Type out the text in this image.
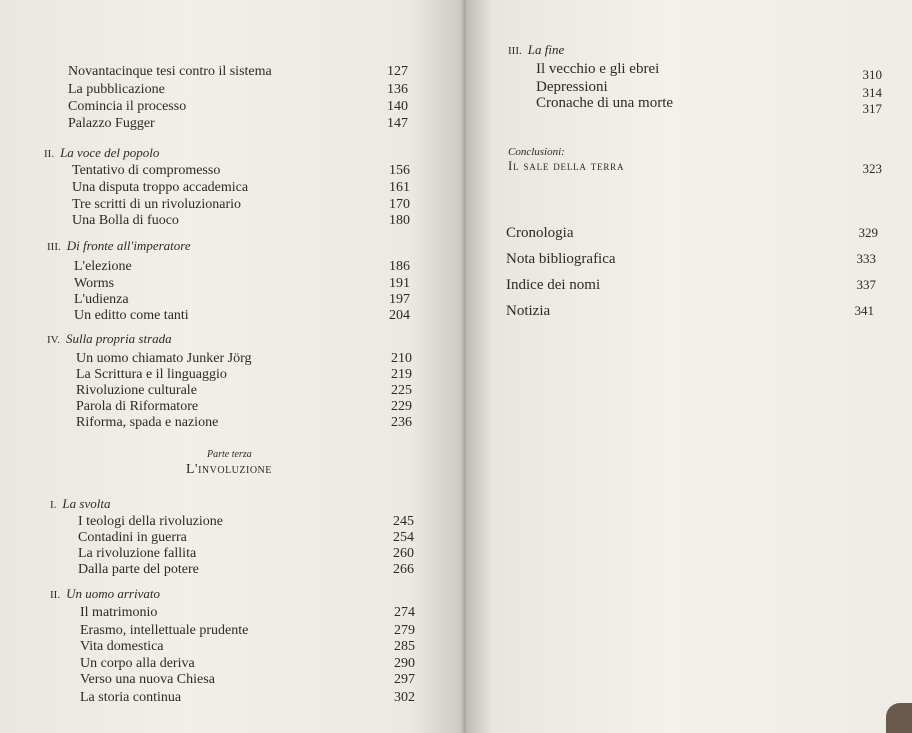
Novantacinque tesi contro il sistema	127
La pubblicazione	136
Comincia il processo	140
Palazzo Fugger	147
II. La voce del popolo
Tentativo di compromesso	156
Una disputa troppo accademica	161
Tre scritti di un rivoluzionario	170
Una Bolla di fuoco	180
III. Di fronte all'imperatore
L'elezione	186
Worms	191
L'udienza	197
Un editto come tanti	204
IV. Sulla propria strada
Un uomo chiamato Junker Jörg	210
La Scrittura e il linguaggio	219
Rivoluzione culturale	225
Parola di Riformatore	229
Riforma, spada e nazione	236
Parte terza
L'involuzione
I. La svolta
I teologi della rivoluzione	245
Contadini in guerra	254
La rivoluzione fallita	260
Dalla parte del potere	266
II. Un uomo arrivato
Il matrimonio	274
Erasmo, intellettuale prudente	279
Vita domestica	285
Un corpo alla deriva	290
Verso una nuova Chiesa	297
La storia continua	302
III. La fine
Il vecchio e gli ebrei	310
Depressioni	314
Cronache di una morte	317
Conclusioni:
Il sale della terra	323
Cronologia	329
Nota bibliografica	333
Indice dei nomi	337
Notizia	341
